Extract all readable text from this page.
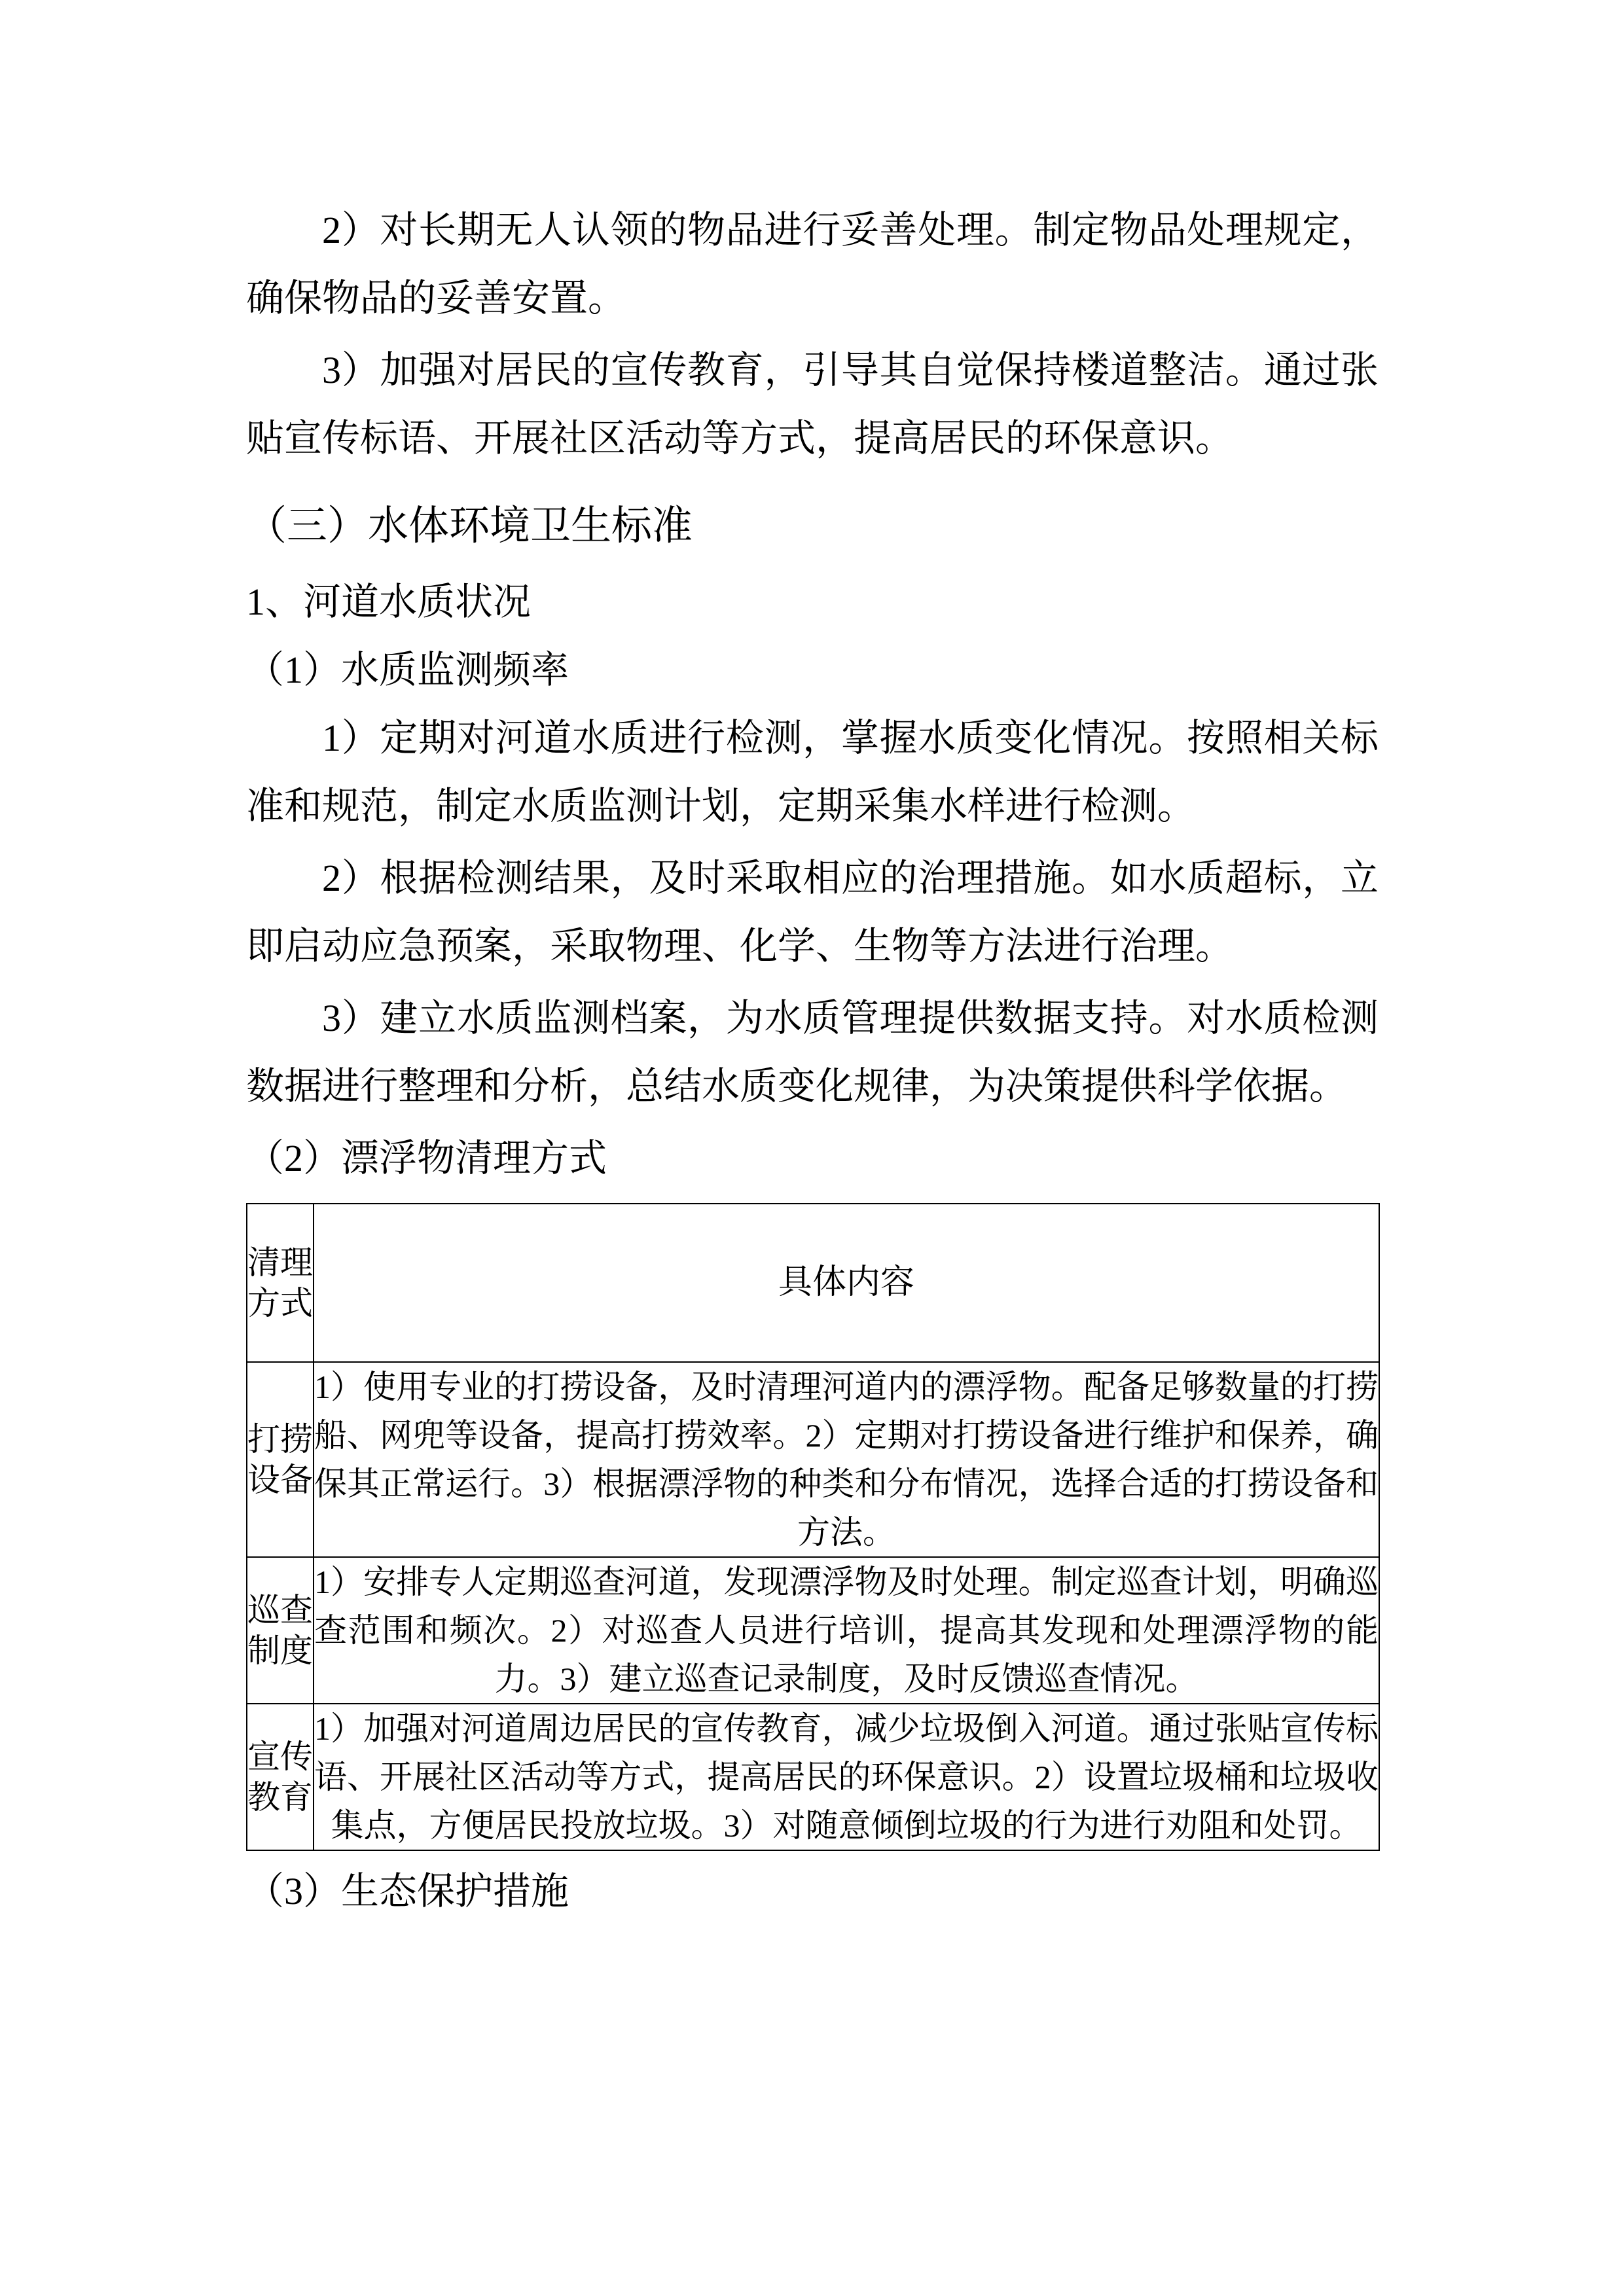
2）对长期无人认领的物品进行妥善处理。制定物品处理规定，确保物品的妥善安置。

3）加强对居民的宣传教育，引导其自觉保持楼道整洁。通过张贴宣传标语、开展社区活动等方式，提高居民的环保意识。

（三）水体环境卫生标准

1、河道水质状况

（1）水质监测频率

1）定期对河道水质进行检测，掌握水质变化情况。按照相关标准和规范，制定水质监测计划，定期采集水样进行检测。

2）根据检测结果，及时采取相应的治理措施。如水质超标，立即启动应急预案，采取物理、化学、生物等方法进行治理。

3）建立水质监测档案，为水质管理提供数据支持。对水质检测数据进行整理和分析，总结水质变化规律，为决策提供科学依据。

（2）漂浮物清理方式

清理方式	具体内容

打捞设备	1）使用专业的打捞设备，及时清理河道内的漂浮物。配备足够数量的打捞船、网兜等设备，提高打捞效率。2）定期对打捞设备进行维护和保养，确保其正常运行。3）根据漂浮物的种类和分布情况，选择合适的打捞设备和方法。

巡查制度	1）安排专人定期巡查河道，发现漂浮物及时处理。制定巡查计划，明确巡查范围和频次。2）对巡查人员进行培训，提高其发现和处理漂浮物的能力。3）建立巡查记录制度，及时反馈巡查情况。

宣传教育	1）加强对河道周边居民的宣传教育，减少垃圾倒入河道。通过张贴宣传标语、开展社区活动等方式，提高居民的环保意识。2）设置垃圾桶和垃圾收集点，方便居民投放垃圾。3）对随意倾倒垃圾的行为进行劝阻和处罚。

（3）生态保护措施
